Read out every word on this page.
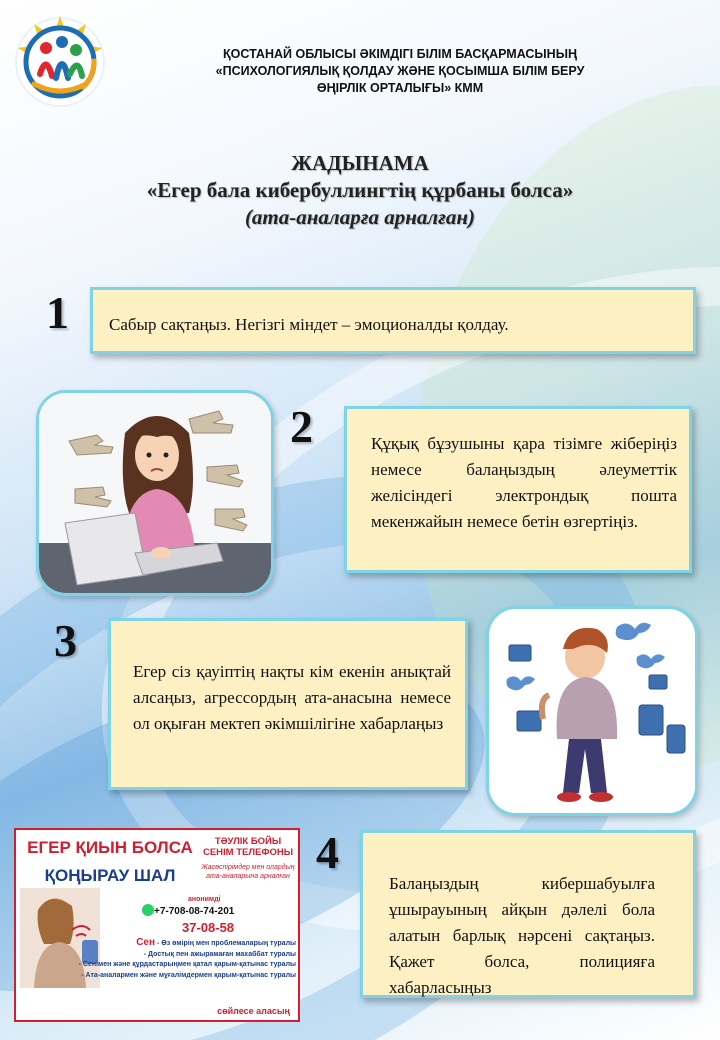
ҚОСТАНАЙ ОБЛЫСЫ ӘКІМДІГІ БІЛІМ БАСҚАРМАСЫНЫҢ
«ПСИХОЛОГИЯЛЫҚ ҚОЛДАУ ЖӘНЕ ҚОСЫМША БІЛІМ БЕРУ
ӨҢІРЛІК ОРТАЛЫҒЫ» КММ
ЖАДЫНАМА
«Егер бала кибербуллингтің құрбаны болса»
(ата-аналарға арналған)
1 Сабыр сақтаңыз. Негізгі міндет – эмоционалды қолдау.
2	Құқық бұзушыны қара тізімге жіберіңіз немесе балаңыздың әлеуметтік желісіндегі электрондық пошта мекенжайын немесе бетін өзгертіңіз.
3
Егер сіз қауіптің нақты кім екенін анықтай алсаңыз, агрессордың ата-анасына немесе ол оқыған мектеп әкімшілігіне хабарлаңыз
4
Балаңыздың кибершабуылға ұшырауының айқын дәлелі бола алатын барлық нәрсені сақтаңыз. Қажет болса, полицияға хабарласыңыз
ЕГЕР ҚИЫН БОЛСА
ҚОҢЫРАУ ШАЛ
ТӘУЛІК БОЙЫ СЕНІМ ТЕЛЕФОНЫ
Жасөспірімдер мен олардың ата-аналарына арналған
анонимді
+7-708-08-74-201
37-08-58
Сен - Өз өмірің мен проблемаларың туралы
- Достық пен ажырамаған махаббат туралы
- Сенімен және құрдастарыңмен қатал қарым-қатынас туралы
- Ата-аналармен және мұғалімдермен қарым-қатынас туралы
сөйлесе аласың
